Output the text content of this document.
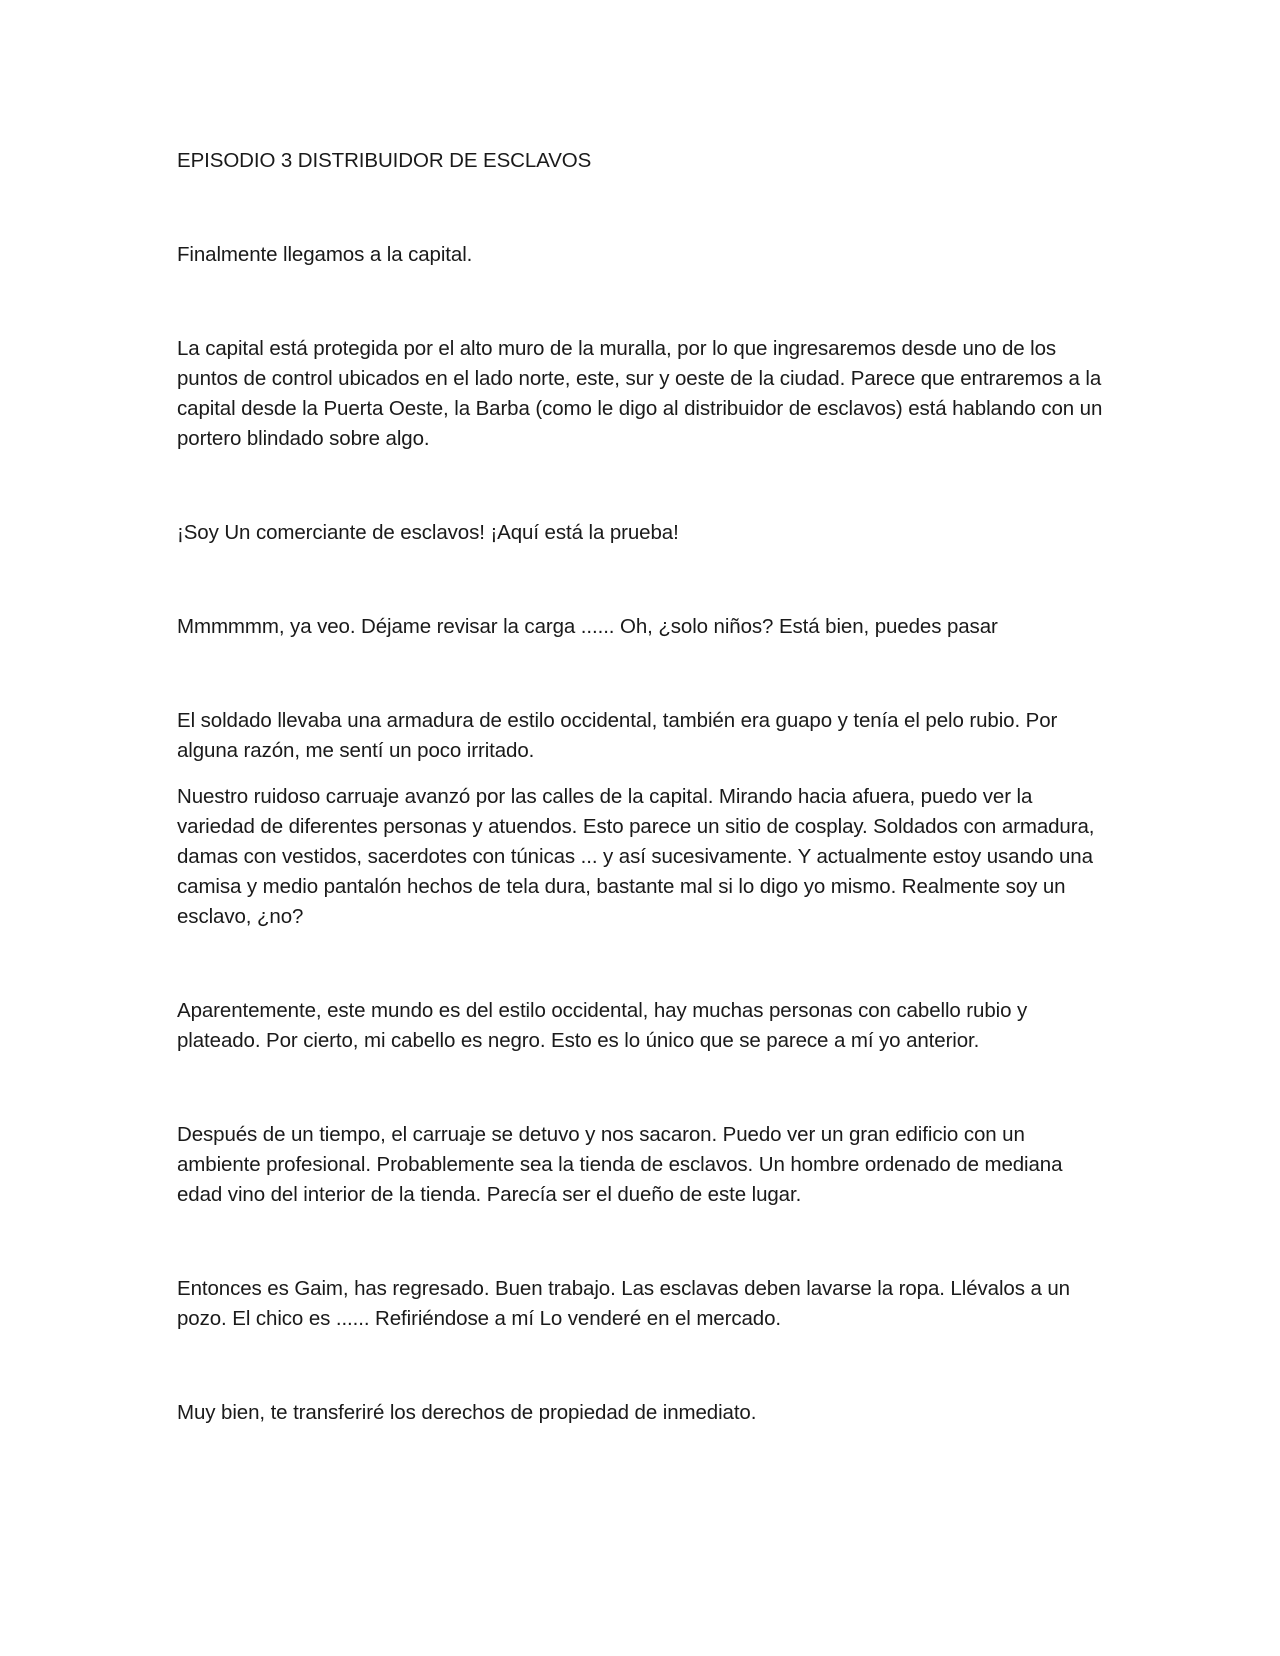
EPISODIO 3 DISTRIBUIDOR DE ESCLAVOS

Finalmente llegamos a la capital.

La capital está protegida por el alto muro de la muralla, por lo que ingresaremos desde uno de los puntos de control ubicados en el lado norte, este, sur y oeste de la ciudad. Parece que entraremos a la capital desde la Puerta Oeste, la Barba (como le digo al distribuidor de esclavos) está hablando con un portero blindado sobre algo.

¡Soy Un comerciante de esclavos! ¡Aquí está la prueba!

Mmmmmm, ya veo. Déjame revisar la carga ...... Oh, ¿solo niños? Está bien, puedes pasar

El soldado llevaba una armadura de estilo occidental, también era guapo y tenía el pelo rubio. Por alguna razón, me sentí un poco irritado.

Nuestro ruidoso carruaje avanzó por las calles de la capital. Mirando hacia afuera, puedo ver la variedad de diferentes personas y atuendos. Esto parece un sitio de cosplay. Soldados con armadura, damas con vestidos, sacerdotes con túnicas ... y así sucesivamente. Y actualmente estoy usando una camisa y medio pantalón hechos de tela dura, bastante mal si lo digo yo mismo. Realmente soy un esclavo, ¿no?

Aparentemente, este mundo es del estilo occidental, hay muchas personas con cabello rubio y plateado. Por cierto, mi cabello es negro. Esto es lo único que se parece a mí yo anterior.

Después de un tiempo, el carruaje se detuvo y nos sacaron. Puedo ver un gran edificio con un ambiente profesional. Probablemente sea la tienda de esclavos. Un hombre ordenado de mediana edad vino del interior de la tienda. Parecía ser el dueño de este lugar.

Entonces es Gaim, has regresado. Buen trabajo. Las esclavas deben lavarse la ropa. Llévalos a un pozo. El chico es ...... Refiriéndose a mí Lo venderé en el mercado.

Muy bien, te transferiré los derechos de propiedad de inmediato.
